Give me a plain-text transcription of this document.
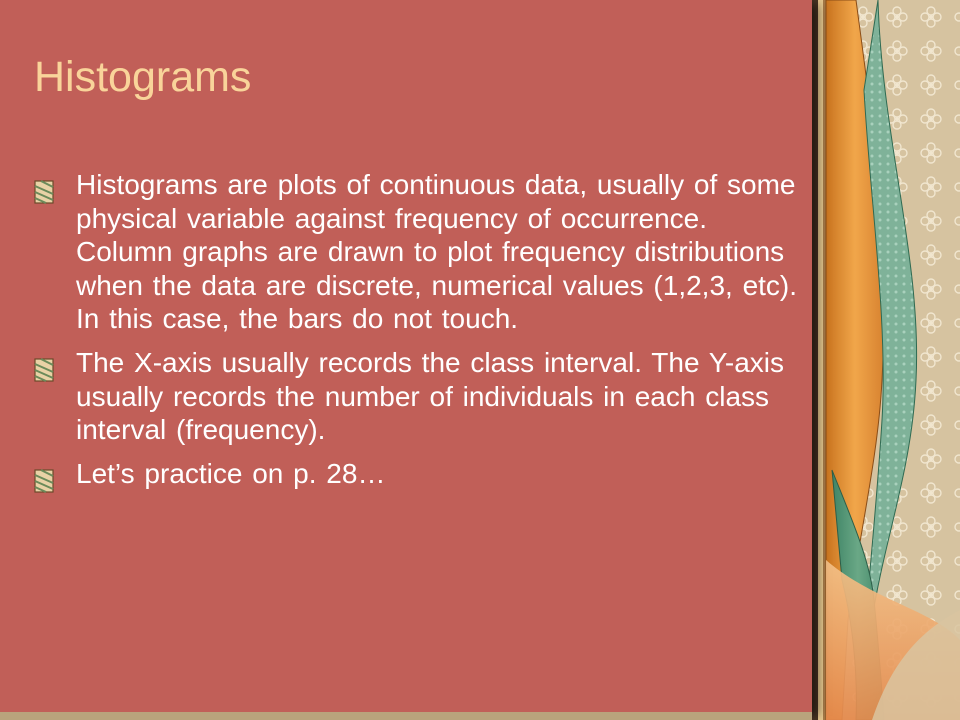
Histograms
Histograms are plots of continuous data, usually of some physical variable against frequency of occurrence. Column graphs are drawn to plot frequency distributions when the data are discrete, numerical values (1,2,3, etc). In this case, the bars do not touch.
The X-axis usually records the class interval. The Y-axis usually records the number of individuals in each class interval (frequency).
Let’s practice on p. 28…
